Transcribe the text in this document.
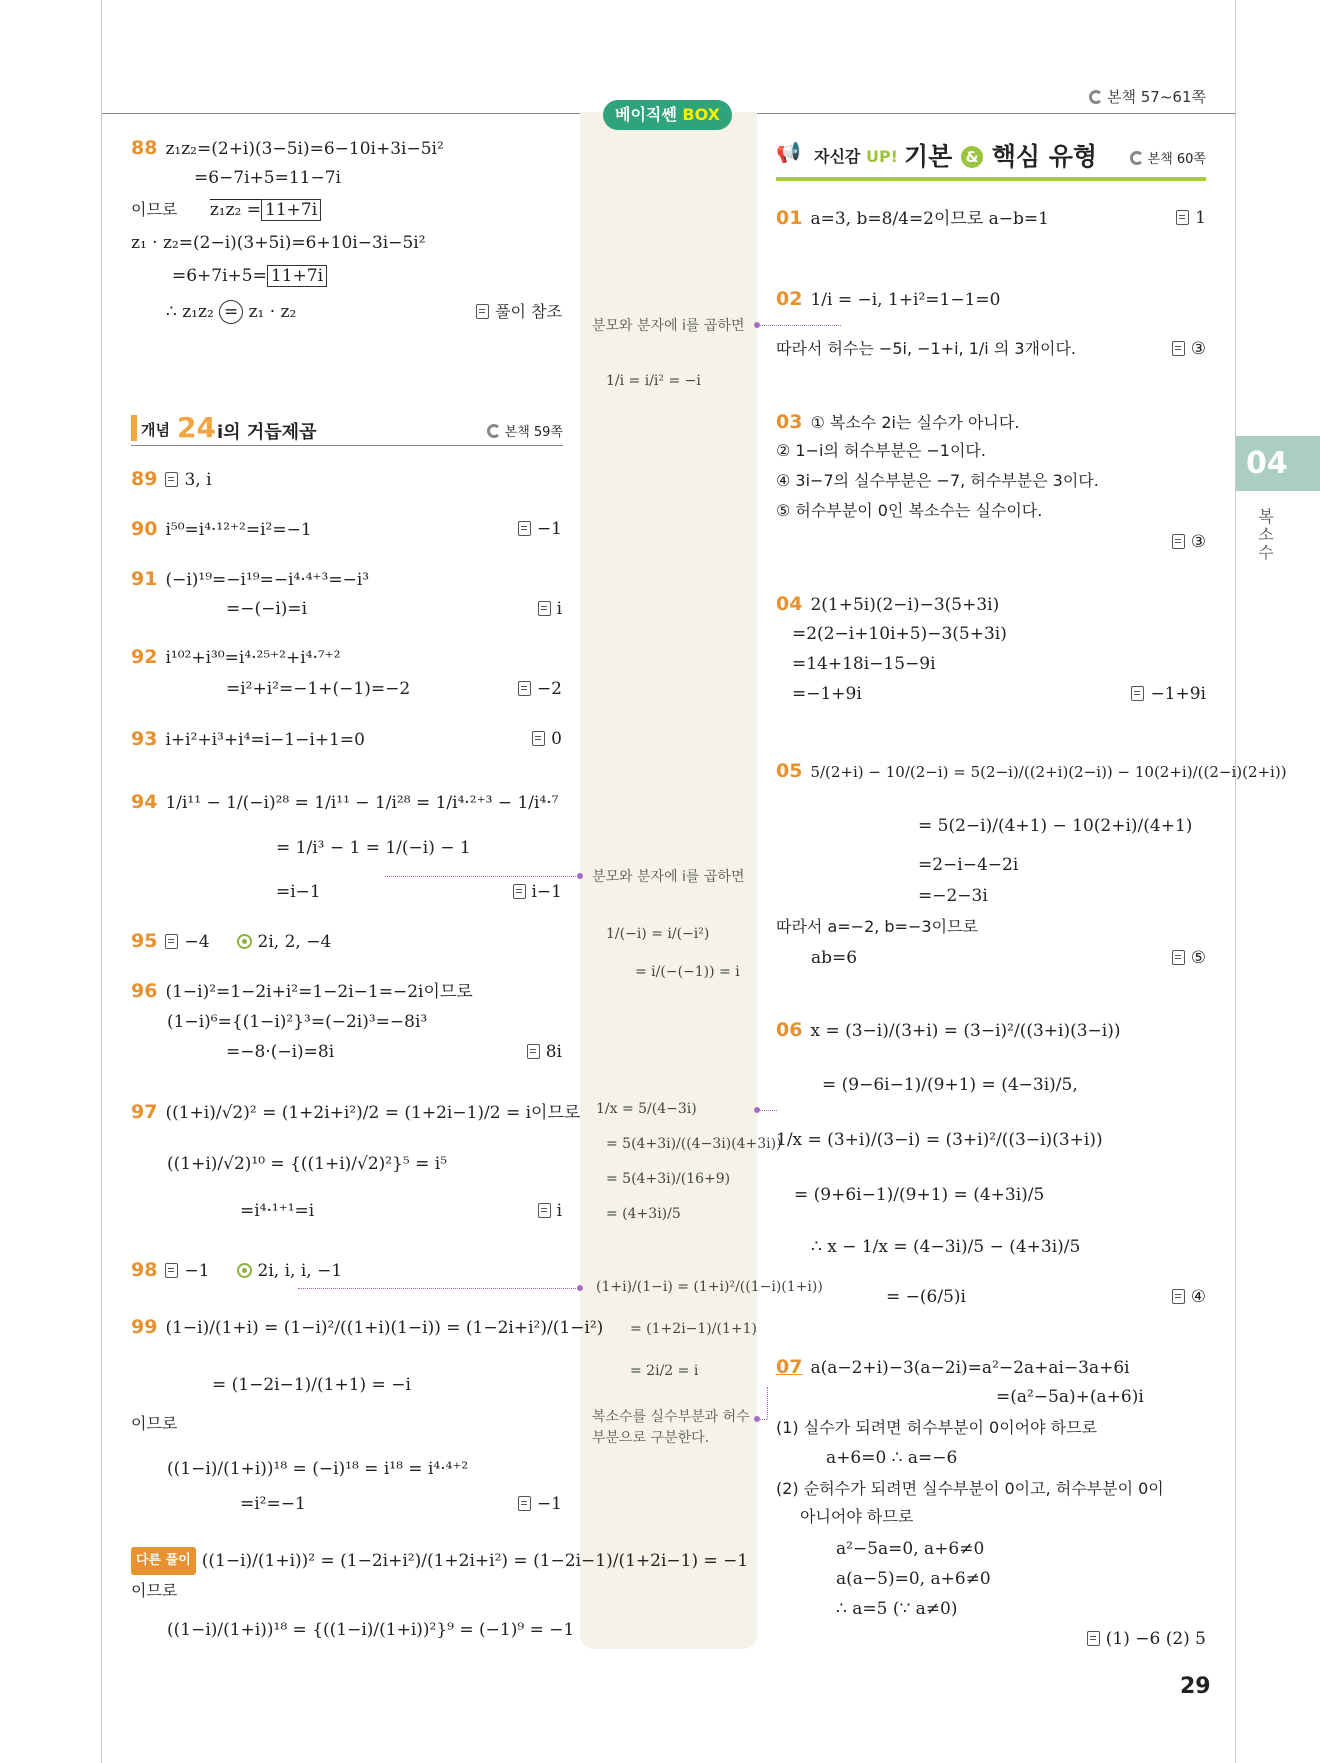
본책 57~61쪽
베이직쎈 BOX
04
복소수
88 z₁z₂=(2+i)(3−5i)=6−10i+3i−5i²
=6−7i+5=11−7i
이므로 z₁z₂ = 11+7i
z₁ · z₂=(2−i)(3+5i)=6+10i−3i−5i²
=6+7i+5= 11+7i
∴ z₁z₂ = z₁ · z₂	풀이 참조
개념 24 i의 거듭제곱	본책 59쪽
89 3, i
90 i⁵⁰=i⁴·¹²⁺²=i²=−1	−1
91 (−i)¹⁹=−i¹⁹=−i⁴·⁴⁺³=−i³
=−(−i)=i	i
92 i¹⁰²+i³⁰=i⁴·²⁵⁺²+i⁴·⁷⁺²
=i²+i²=−1+(−1)=−2	−2
93 i+i²+i³+i⁴=i−1−i+1=0	0
94 1/i¹¹ − 1/(−i)²⁸ = 1/i¹¹ − 1/i²⁸ = 1/i⁴·²⁺³ − 1/i⁴·⁷
= 1/i³ − 1 = 1/(−i) − 1
=i−1	i−1
95 −4	2i, 2, −4
96 (1−i)²=1−2i+i²=1−2i−1=−2i이므로
(1−i)⁶={(1−i)²}³=(−2i)³=−8i³
=−8·(−i)=8i	8i
97 ((1+i)/√2)² = (1+2i+i²)/2 = (1+2i−1)/2 = i이므로
((1+i)/√2)¹⁰ = {((1+i)/√2)²}⁵ = i⁵
=i⁴·¹⁺¹=i	i
98 −1	2i, i, i, −1
99 (1−i)/(1+i) = (1−i)²/((1+i)(1−i)) = (1−2i+i²)/(1−i²)
= (1−2i−1)/(1+1) = −i
이므로
((1−i)/(1+i))¹⁸ = (−i)¹⁸ = i¹⁸ = i⁴·⁴⁺²
=i²=−1	−1
다른 풀이 ((1−i)/(1+i))² = (1−2i+i²)/(1+2i+i²) = (1−2i−1)/(1+2i−1) = −1
이므로
((1−i)/(1+i))¹⁸ = {((1−i)/(1+i))²}⁹ = (−1)⁹ = −1
분모와 분자에 i를 곱하면
1/i = i/i² = −i
분모와 분자에 i를 곱하면
1/(−i) = i/(−i²)
= i/(−(−1)) = i
1/x = 5/(4−3i)
= 5(4+3i)/((4−3i)(4+3i))
= 5(4+3i)/(16+9)
= (4+3i)/5
(1+i)/(1−i) = (1+i)²/((1−i)(1+i))
= (1+2i−1)/(1+1)
= 2i/2 = i
복소수를 실수부분과 허수부분으로 구분한다.
📢 자신감 UP! 기본 & 핵심 유형	본책 60쪽
01 a=3, b=8/4=2이므로 a−b=1	1
02 1/i = −i, 1+i²=1−1=0
따라서 허수는 −5i, −1+i, 1/i 의 3개이다.	③
03 ① 복소수 2i는 실수가 아니다.
② 1−i의 허수부분은 −1이다.
④ 3i−7의 실수부분은 −7, 허수부분은 3이다.
⑤ 허수부분이 0인 복소수는 실수이다.
③
04 2(1+5i)(2−i)−3(5+3i)
=2(2−i+10i+5)−3(5+3i)
=14+18i−15−9i
=−1+9i	−1+9i
05 5/(2+i) − 10/(2−i) = 5(2−i)/((2+i)(2−i)) − 10(2+i)/((2−i)(2+i))
= 5(2−i)/(4+1) − 10(2+i)/(4+1)
=2−i−4−2i
=−2−3i
따라서 a=−2, b=−3이므로
ab=6	⑤
06 x = (3−i)/(3+i) = (3−i)²/((3+i)(3−i))
= (9−6i−1)/(9+1) = (4−3i)/5,
1/x = (3+i)/(3−i) = (3+i)²/((3−i)(3+i))
= (9+6i−1)/(9+1) = (4+3i)/5
∴ x − 1/x = (4−3i)/5 − (4+3i)/5
= −(6/5)i	④
07 a(a−2+i)−3(a−2i)=a²−2a+ai−3a+6i
=(a²−5a)+(a+6)i
(1) 실수가 되려면 허수부분이 0이어야 하므로
a+6=0 ∴ a=−6
(2) 순허수가 되려면 실수부분이 0이고, 허수부분이 0이
아니어야 하므로
a²−5a=0, a+6≠0
a(a−5)=0, a+6≠0
∴ a=5 (∵ a≠0)
(1) −6 (2) 5
29
